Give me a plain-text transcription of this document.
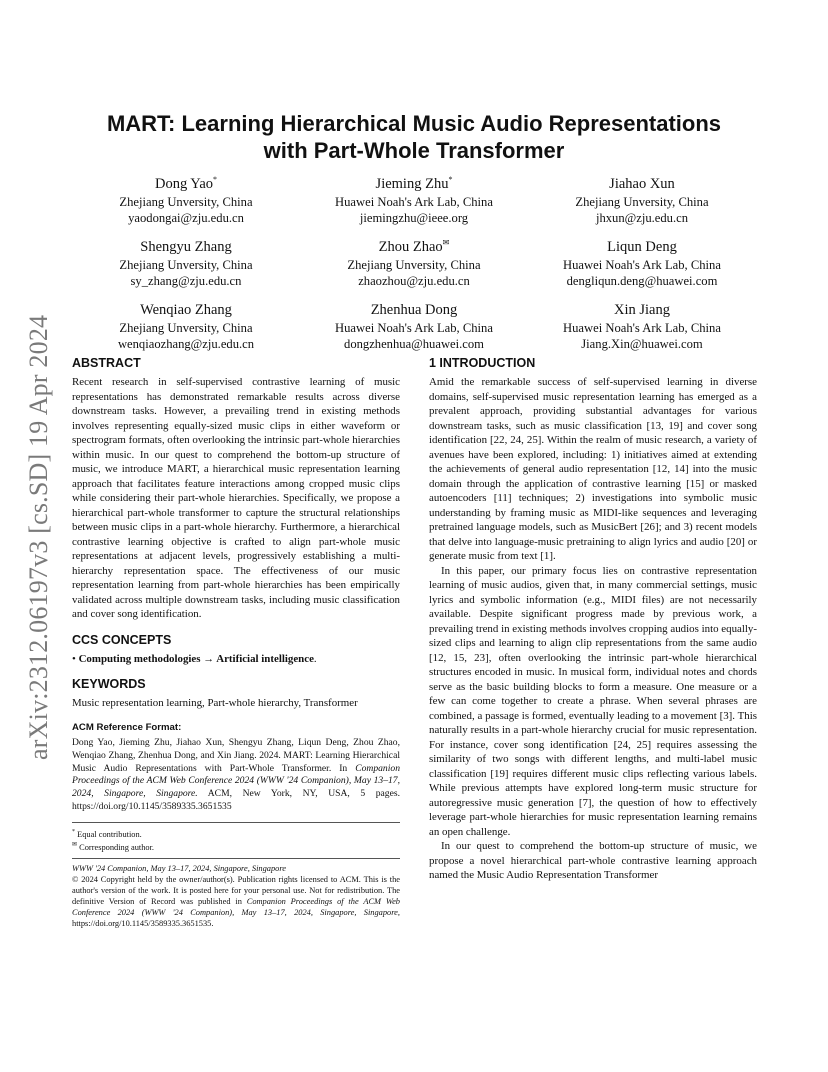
arXiv:2312.06197v3 [cs.SD] 19 Apr 2024
MART: Learning Hierarchical Music Audio Representations
with Part-Whole Transformer
Dong Yao*
Zhejiang Unversity, China
yaodongai@zju.edu.cn
Jieming Zhu*
Huawei Noah's Ark Lab, China
jiemingzhu@ieee.org
Jiahao Xun
Zhejiang Unversity, China
jhxun@zju.edu.cn
Shengyu Zhang
Zhejiang Unversity, China
sy_zhang@zju.edu.cn
Zhou Zhao✉
Zhejiang Unversity, China
zhaozhou@zju.edu.cn
Liqun Deng
Huawei Noah's Ark Lab, China
dengliqun.deng@huawei.com
Wenqiao Zhang
Zhejiang Unversity, China
wenqiaozhang@zju.edu.cn
Zhenhua Dong
Huawei Noah's Ark Lab, China
dongzhenhua@huawei.com
Xin Jiang
Huawei Noah's Ark Lab, China
Jiang.Xin@huawei.com
ABSTRACT

Recent research in self-supervised contrastive learning of music representations has demonstrated remarkable results across diverse downstream tasks. However, a prevailing trend in existing methods involves representing equally-sized music clips in either waveform or spectrogram formats, often overlooking the intrinsic part-whole hierarchies within music. In our quest to comprehend the bottom-up structure of music, we introduce MART, a hierarchical music representation learning approach that facilitates feature interactions among cropped music clips while considering their part-whole hierarchies. Specifically, we propose a hierarchical part-whole transformer to capture the structural relationships between music clips in a part-whole hierarchy. Furthermore, a hierarchical contrastive learning objective is crafted to align part-whole music representations at adjacent levels, progressively establishing a multi-hierarchy representation space. The effectiveness of our music representation learning from part-whole hierarchies has been empirically validated across multiple downstream tasks, including music classification and cover song identification.

CCS CONCEPTS

• Computing methodologies → Artificial intelligence.

KEYWORDS

Music representation learning, Part-whole hierarchy, Transformer

ACM Reference Format:

Dong Yao, Jieming Zhu, Jiahao Xun, Shengyu Zhang, Liqun Deng, Zhou Zhao, Wenqiao Zhang, Zhenhua Dong, and Xin Jiang. 2024. MART: Learning Hierarchical Music Audio Representations with Part-Whole Transformer. In Companion Proceedings of the ACM Web Conference 2024 (WWW '24 Companion), May 13–17, 2024, Singapore, Singapore. ACM, New York, NY, USA, 5 pages. https://doi.org/10.1145/3589335.3651535

* Equal contribution.

✉ Corresponding author.

WWW '24 Companion, May 13–17, 2024, Singapore, Singapore

© 2024 Copyright held by the owner/author(s). Publication rights licensed to ACM. This is the author's version of the work. It is posted here for your personal use. Not for redistribution. The definitive Version of Record was published in Companion Proceedings of the ACM Web Conference 2024 (WWW '24 Companion), May 13–17, 2024, Singapore, Singapore, https://doi.org/10.1145/3589335.3651535.

1 INTRODUCTION

Amid the remarkable success of self-supervised learning in diverse domains, self-supervised music representation learning has emerged as a prevalent approach, providing substantial advantages for various downstream tasks, such as music classification [13, 19] and cover song identification [22, 24, 25]. Within the realm of music research, a variety of avenues have been explored, including: 1) initiatives aimed at extending the achievements of general audio representation [12, 14] into the music domain through the application of contrastive learning [15] or masked autoencoders [11] techniques; 2) investigations into symbolic music understanding by framing music as MIDI-like sequences and leveraging pretrained language models, such as MusicBert [26]; and 3) recent models that delve into language-music pretraining to align lyrics and audio [20] or generate music from text [1].

In this paper, our primary focus lies on contrastive representation learning of music audios, given that, in many commercial settings, music lyrics and symbolic information (e.g., MIDI files) are not necessarily available. Despite significant progress made by previous work, a prevailing trend in existing methods involves cropping audios into equally-sized clips and learning to align clip representations from the same audio [12, 15, 23], often overlooking the intrinsic part-whole hierarchical structures encoded in music. In musical form, individual notes and chords serve as the basic building blocks to form a measure. One measure or a few can come together to create a phrase. When several phrases are combined, a passage is formed, eventually leading to a movement [3]. This naturally results in a part-whole hierarchy crucial for music representation. For instance, cover song identification [24, 25] requires assessing the similarity of two songs with different lengths, and multi-label music classification [19] requires different music clips reflecting various labels. While previous attempts have explored long-term music structure for autoregressive music generation [7], the question of how to effectively leverage part-whole hierarchies for music representation learning remains an open challenge.

In our quest to comprehend the bottom-up structure of music, we propose a novel hierarchical part-whole contrastive learning approach named the Music Audio Representation Transformer
